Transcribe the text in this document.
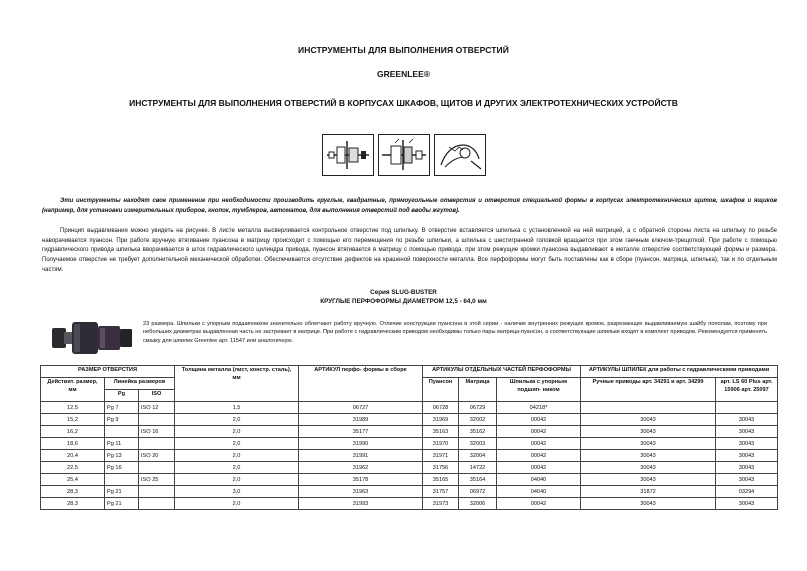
ИНСТРУМЕНТЫ ДЛЯ ВЫПОЛНЕНИЯ ОТВЕРСТИЙ
GREENLEE®
ИНСТРУМЕНТЫ ДЛЯ ВЫПОЛНЕНИЯ ОТВЕРСТИЙ В КОРПУСАХ ШКАФОВ, ЩИТОВ И ДРУГИХ ЭЛЕКТРОТЕХНИЧЕСКИХ УСТРОЙСТВ
Эти инструменты находят свое применение при необходимости производить круглые, квадратные, прямоугольные отверстия и отверстия специальной формы в корпусах электротехнических щитов, шкафов и ящиков (например, для установки измерительных приборов, кнопок, тумблеров, автоматов, для выполнения отверстий под вводы жгутов).
Принцип выдавливания можно увидеть на рисунке. В листе металла высверливается контрольное отверстие под шпильку. В отверстие вставляется шпилька с установленной на ней матрицей, а с обратной стороны листа на шпильку по резьбе наворачивается пуансон. При работе вручную втягивание пуансона в матрицу происходит с помощью его перемещения по резьбе шпильки, а шпилька с шестигранной головкой вращается при этом гаечным ключом-трещоткой. При работе с помощью гидравлического привода шпилька вворачивается в шток гидравлического цилиндра привода, пуансон втягивается в матрицу с помощью привода, при этом режущие кромки пуансона выдавливают в металле отверстие соответствующей формы и размера. Получаемое отверстие не требует дополнительной механической обработки. Обеспечивается отсутствие дефектов на крашеной поверхности металла. Все перфоформы могут быть поставлены как в сборе (пуансон, матрица, шпилька), так и по отдельным частям.
Серия SLUG-BUSTER
КРУГЛЫЕ ПЕРФОФОРМЫ ДИАМЕТРОМ 12,5 - 64,0 мм
23 размера. Шпильки с упорным подшипником значительно облегчают работу вручную. Отличие конструкции пуансона в этой серии - наличие внутренних режущих кромок, разрезающих выдавливаемую шайбу пополам, поэтому при небольших диаметрах выдавленная часть не застревает в матрице. При работе с гидравлическим приводом необходимы только пары матрица-пуансон, а соответствующие шпильки входят в комплект приводов. Рекомендуется применять смазку для шпилек Greenlee арт. 11547 или аналогичную.
РАЗМЕР ОТВЕРСТИЯ			Толщина металла (лист, констр. сталь), мм	АРТИКУЛ перфо- формы в сборе	АРТИКУЛЫ ОТДЕЛЬНЫХ ЧАСТЕЙ ПЕРФОФОРМЫ			АРТИКУЛЫ ШПИЛЕК для работы с гидравлическими приводами	
Действит. размер, мм	Линейка размеров				Пуансон	Матрица	Шпилька с упорным подшип- ником	Ручные приводы арт. 34291 и арт. 34299	арт. LS 60 Plus арт. 15906 арт. 25097
	Pg	ISO							
12,5	Pg 7	ISO 12	1,5	06727	06728	06729	04218*		
15,2	Pg 9		2,0	31989	31969	32002	00042	30043	30043
16,2		ISO 16	2,0	35177	35163	35162	00042	30043	30043
18,6	Pg 11		2,0	31990	31970	32003	00042	30043	30043
20,4	Pg 13	ISO 20	2,0	31991	31971	32004	00042	30043	30043
22,5	Pg 16		2,0	31962	31756	14722	00042	30043	30043
25,4		ISO 25	2,0	35178	35165	35164	04040	30043	30043
28,3	Pg 21		3,0	31963	31757	06972	04040	31872	03294
28,3	Pg 21		2,0	31993	31973	32006	00042	30043	30043
